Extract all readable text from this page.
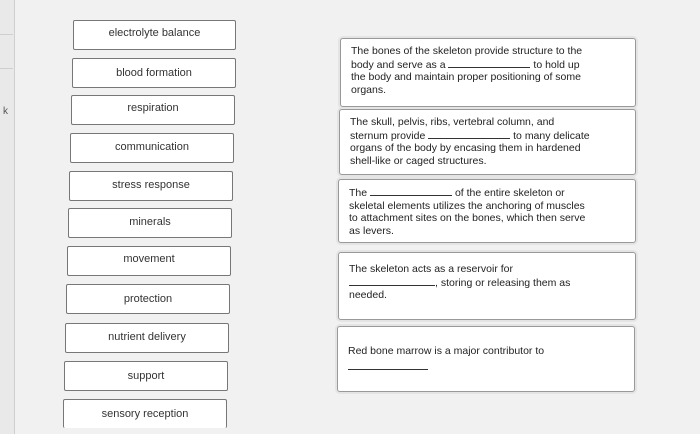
k
electrolyte balance
blood formation
respiration
communication
stress response
minerals
movement
protection
nutrient delivery
support
sensory reception
The bones of the skeleton provide structure to the
body and serve as a	to hold up
the body and maintain proper positioning of some
organs.
The skull, pelvis, ribs, vertebral column, and
sternum provide	to many delicate
organs of the body by encasing them in hardened
shell-like or caged structures.
The	of the entire skeleton or
skeletal elements utilizes the anchoring of muscles
to attachment sites on the bones, which then serve
as levers.
The skeleton acts as a reservoir for
, storing or releasing them as
needed.
Red bone marrow is a major contributor to
